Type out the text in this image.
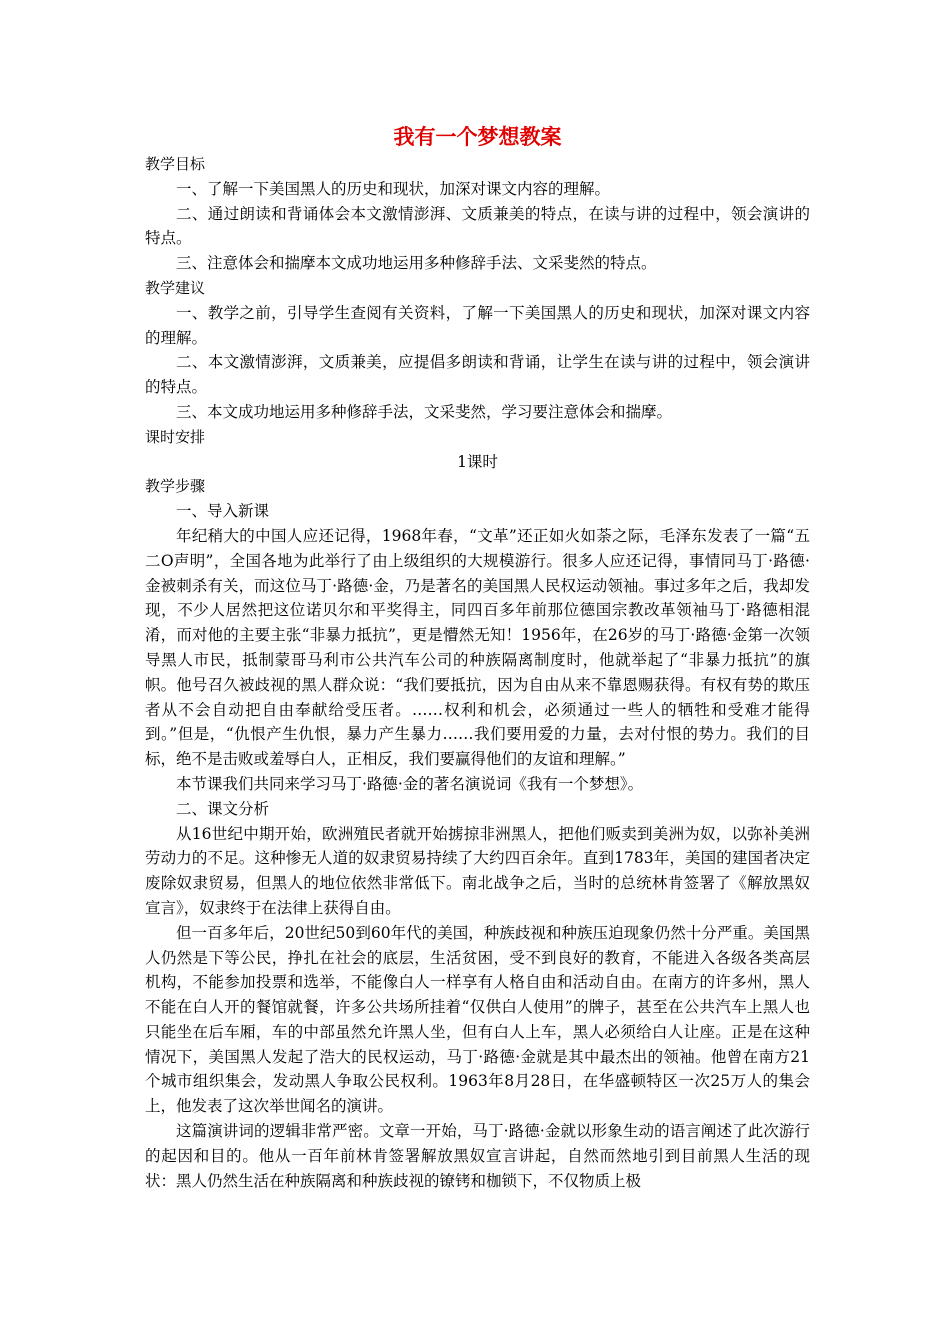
我有一个梦想教案
教学目标

一、了解一下美国黑人的历史和现状，加深对课文内容的理解。

二、通过朗读和背诵体会本文激情澎湃、文质兼美的特点，在读与讲的过程中，领会演讲的特点。

三、注意体会和揣摩本文成功地运用多种修辞手法、文采斐然的特点。

教学建议

一、教学之前，引导学生查阅有关资料，了解一下美国黑人的历史和现状，加深对课文内容的理解。

二、本文激情澎湃，文质兼美，应提倡多朗读和背诵，让学生在读与讲的过程中，领会演讲的特点。

三、本文成功地运用多种修辞手法，文采斐然，学习要注意体会和揣摩。

课时安排

1课时

教学步骤

一、导入新课

年纪稍大的中国人应还记得，1968年春，“文革”还正如火如荼之际，毛泽东发表了一篇“五二O声明”，全国各地为此举行了由上级组织的大规模游行。很多人应还记得，事情同马丁·路德·金被刺杀有关，而这位马丁·路德·金，乃是著名的美国黑人民权运动领袖。事过多年之后，我却发现，不少人居然把这位诺贝尔和平奖得主，同四百多年前那位德国宗教改革领袖马丁·路德相混淆，而对他的主要主张“非暴力抵抗”，更是懵然无知！1956年，在26岁的马丁·路德·金第一次领导黑人市民，抵制蒙哥马利市公共汽车公司的种族隔离制度时，他就举起了“非暴力抵抗”的旗帜。他号召久被歧视的黑人群众说：“我们要抵抗，因为自由从来不靠恩赐获得。有权有势的欺压者从不会自动把自由奉献给受压者。……权利和机会，必须通过一些人的牺牲和受难才能得到。”但是，“仇恨产生仇恨，暴力产生暴力……我们要用爱的力量，去对付恨的势力。我们的目标，绝不是击败或羞辱白人，正相反，我们要赢得他们的友谊和理解。”

本节课我们共同来学习马丁·路德·金的著名演说词《我有一个梦想》。

二、课文分析

从16世纪中期开始，欧洲殖民者就开始掳掠非洲黑人，把他们贩卖到美洲为奴，以弥补美洲劳动力的不足。这种惨无人道的奴隶贸易持续了大约四百余年。直到1783年，美国的建国者决定废除奴隶贸易，但黑人的地位依然非常低下。南北战争之后，当时的总统林肯签署了《解放黑奴宣言》，奴隶终于在法律上获得自由。

但一百多年后，20世纪50到60年代的美国，种族歧视和种族压迫现象仍然十分严重。美国黑人仍然是下等公民，挣扎在社会的底层，生活贫困，受不到良好的教育，不能进入各级各类高层机构，不能参加投票和选举，不能像白人一样享有人格自由和活动自由。在南方的许多州，黑人不能在白人开的餐馆就餐，许多公共场所挂着“仅供白人使用”的牌子，甚至在公共汽车上黑人也只能坐在后车厢，车的中部虽然允许黑人坐，但有白人上车，黑人必须给白人让座。正是在这种情况下，美国黑人发起了浩大的民权运动，马丁·路德·金就是其中最杰出的领袖。他曾在南方21个城市组织集会，发动黑人争取公民权利。1963年8月28日，在华盛顿特区一次25万人的集会上，他发表了这次举世闻名的演讲。

这篇演讲词的逻辑非常严密。文章一开始，马丁·路德·金就以形象生动的语言阐述了此次游行的起因和目的。他从一百年前林肯签署解放黑奴宣言讲起，自然而然地引到目前黑人生活的现状：黑人仍然生活在种族隔离和种族歧视的镣铐和枷锁下，不仅物质上极
